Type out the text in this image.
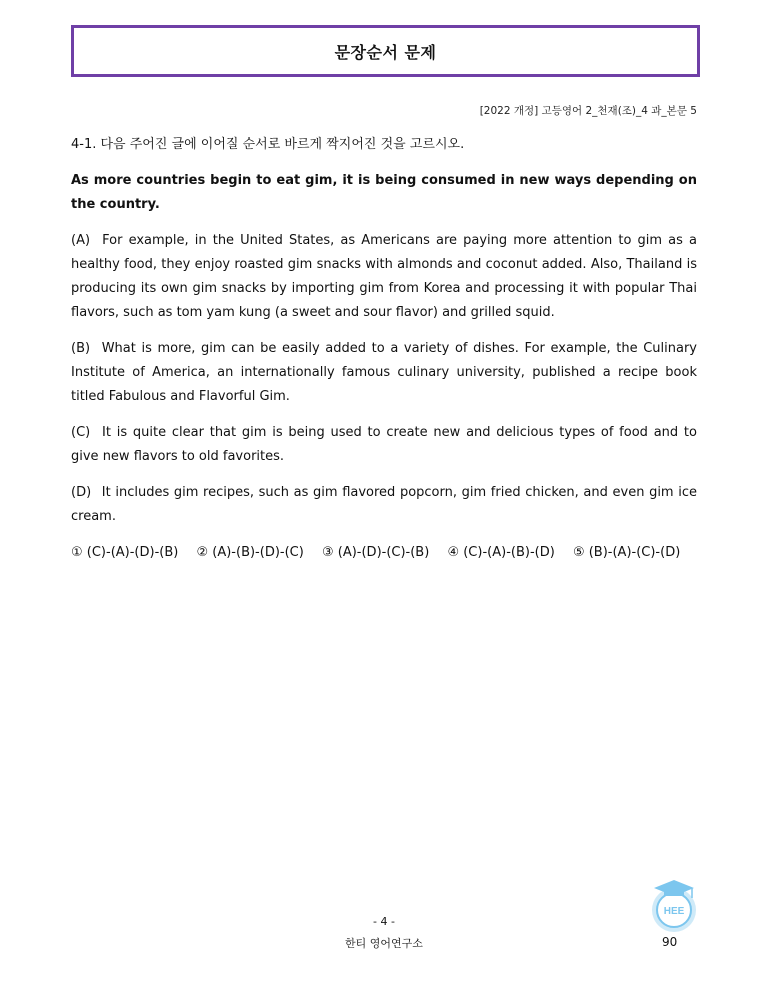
문장순서 문제
[2022 개정] 고등영어 2_천재(조)_4 과_본문 5

4-1. 다음 주어진 글에 이어질 순서로 바르게 짝지어진 것을 고르시오.

As more countries begin to eat gim, it is being consumed in new ways depending on the country.

(A) For example, in the United States, as Americans are paying more attention to gim as a healthy food, they enjoy roasted gim snacks with almonds and coconut added. Also, Thailand is producing its own gim snacks by importing gim from Korea and processing it with popular Thai flavors, such as tom yam kung (a sweet and sour flavor) and grilled squid.

(B) What is more, gim can be easily added to a variety of dishes. For example, the Culinary Institute of America, an internationally famous culinary university, published a recipe book titled Fabulous and Flavorful Gim.

(C) It is quite clear that gim is being used to create new and delicious types of food and to give new flavors to old favorites.

(D) It includes gim recipes, such as gim flavored popcorn, gim fried chicken, and even gim ice cream.

① (C)-(A)-(D)-(B) ② (A)-(B)-(D)-(C) ③ (A)-(D)-(C)-(B) ④ (C)-(A)-(B)-(D) ⑤ (B)-(A)-(C)-(D)

HEE
- 4 -
한티 영어연구소	90
